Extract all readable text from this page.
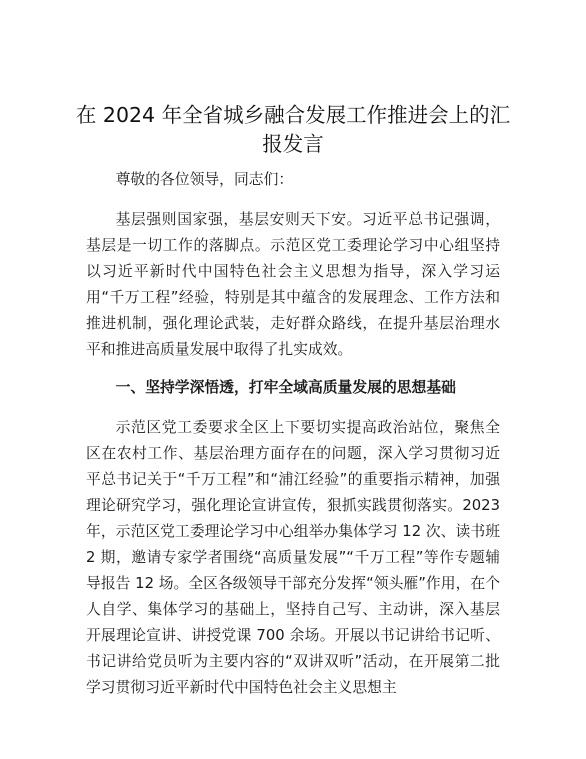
在 2024 年全省城乡融合发展工作推进会上的汇报发言

尊敬的各位领导，同志们：

基层强则国家强，基层安则天下安。习近平总书记强调，基层是一切工作的落脚点。示范区党工委理论学习中心组坚持以习近平新时代中国特色社会主义思想为指导，深入学习运用“千万工程”经验，特别是其中蕴含的发展理念、工作方法和推进机制，强化理论武装，走好群众路线，在提升基层治理水平和推进高质量发展中取得了扎实成效。

一、坚持学深悟透，打牢全域高质量发展的思想基础

示范区党工委要求全区上下要切实提高政治站位，聚焦全区在农村工作、基层治理方面存在的问题，深入学习贯彻习近平总书记关于“千万工程”和“浦江经验”的重要指示精神，加强理论研究学习，强化理论宣讲宣传，狠抓实践贯彻落实。2023 年，示范区党工委理论学习中心组举办集体学习 12 次、读书班 2 期，邀请专家学者围绕“高质量发展”“千万工程”等作专题辅导报告 12 场。全区各级领导干部充分发挥“领头雁”作用，在个人自学、集体学习的基础上，坚持自己写、主动讲，深入基层开展理论宣讲、讲授党课 700 余场。开展以书记讲给书记听、书记讲给党员听为主要内容的“双讲双听”活动，在开展第二批学习贯彻习近平新时代中国特色社会主义思想主
